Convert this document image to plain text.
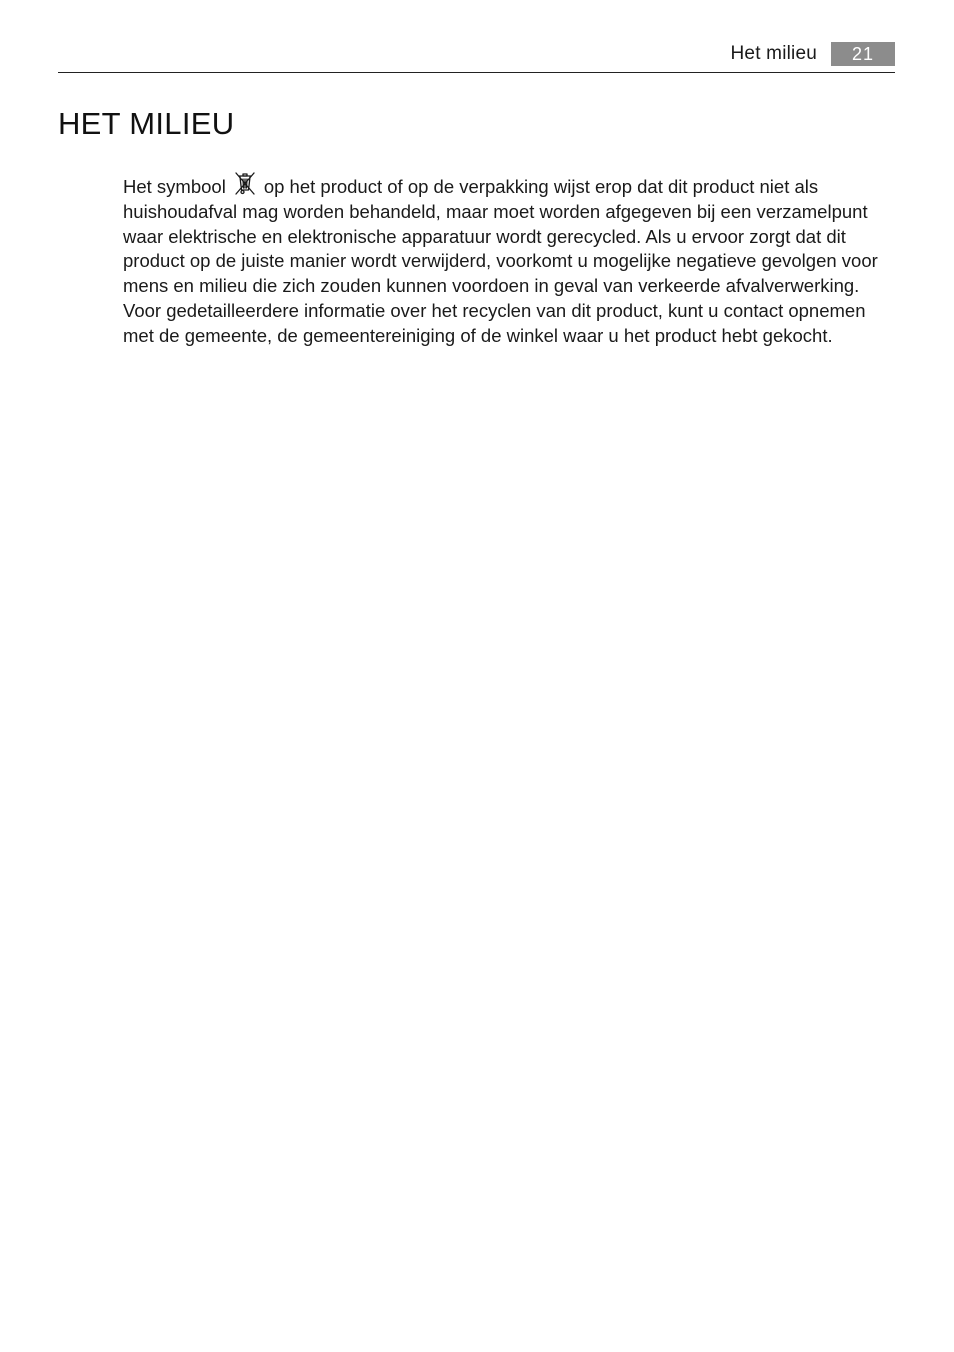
Het milieu	21
HET MILIEU

Het symbool op het product of op de verpakking wijst erop dat dit product niet als huishoudafval mag worden behandeld, maar moet worden afgegeven bij een verzamelpunt waar elektrische en elektronische apparatuur wordt gerecycled. Als u ervoor zorgt dat dit product op de juiste manier wordt verwijderd, voorkomt u mogelijke negatieve gevolgen voor mens en milieu die zich zouden kunnen voordoen in geval van verkeerde afvalverwerking. Voor gedetailleerdere informatie over het recyclen van dit product, kunt u contact opnemen met de gemeente, de gemeentereiniging of de winkel waar u het product hebt gekocht.
